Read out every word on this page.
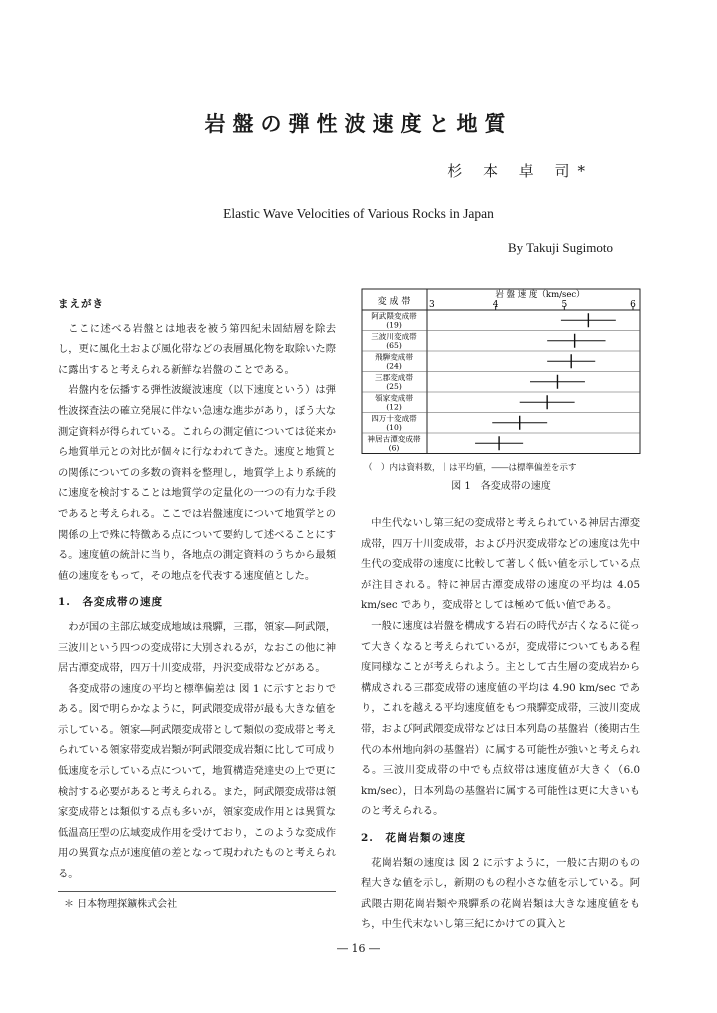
岩盤の弾性波速度と地質
杉 本 卓 司*
Elastic Wave Velocities of Various Rocks in Japan
By Takuji Sugimoto
まえがき

ここに述べる岩盤とは地表を被う第四紀未固結層を除去し，更に風化土および風化帯などの表層風化物を取除いた際に露出すると考えられる新鮮な岩盤のことである。

岩盤内を伝播する弾性波縦波速度（以下速度という）は弾性波探査法の確立発展に伴ない急速な進歩があり，ぼう大な測定資料が得られている。これらの測定値については従来から地質単元との対比が個々に行なわれてきた。速度と地質との関係についての多数の資料を整理し，地質学上より系統的に速度を検討することは地質学の定量化の一つの有力な手段であると考えられる。ここでは岩盤速度について地質学との関係の上で殊に特徴ある点について要約して述べることにする。速度値の統計に当り，各地点の測定資料のうちから最頻値の速度をもって，その地点を代表する速度値とした。

1.　各変成帯の速度

わが国の主部広域変成地域は飛驒，三郡，領家―阿武隈，三波川という四つの変成帯に大別されるが，なおこの他に神居古潭変成帯，四万十川変成帯，丹沢変成帯などがある。

各変成帯の速度の平均と標準偏差は 図 1 に示すとおりである。図で明らかなように，阿武隈変成帯が最も大きな値を示している。領家―阿武隈変成帯として類似の変成帯と考えられている領家帯変成岩類が阿武隈変成岩類に比して可成り低速度を示している点について，地質構造発達史の上で更に検討する必要があると考えられる。また，阿武隈変成帯は領家変成帯とは類似する点も多いが，領家変成作用とは異質な低温高圧型の広域変成作用を受けており，このような変成作用の異質な点が速度値の差となって現われたものと考えられる。

中生代ないし第三紀の変成帯と考えられている神居古潭変成帯，四万十川変成帯，および丹沢変成帯などの速度は先中生代の変成帯の速度に比較して著しく低い値を示している点が注目される。特に神居古潭変成帯の速度の平均は 4.05 km/sec であり，変成帯としては極めて低い値である。

一般に速度は岩盤を構成する岩石の時代が古くなるに従って大きくなると考えられているが，変成帯についてもある程度同様なことが考えられよう。主として古生層の変成岩から構成される三郡変成帯の速度値の平均は 4.90 km/sec であり，これを越える平均速度値をもつ飛驒変成帯，三波川変成帯，および阿武隈変成帯などは日本列島の基盤岩（後期古生代の本州地向斜の基盤岩）に属する可能性が強いと考えられる。三波川変成帯の中でも点紋帯は速度値が大きく（6.0 km/sec），日本列島の基盤岩に属する可能性は更に大きいものと考えられる。

2.　花崗岩類の速度

花崗岩類の速度は 図 2 に示すように，一般に古期のもの程大きな値を示し，新期のもの程小さな値を示している。阿武隈古期花崗岩類や飛驒系の花崗岩類は大きな速度値をもち，中生代末ないし第三紀にかけての貫入と

変 成 帯
岩 盤 速 度（km/sec）
3	4	5	6
阿武隈変成帯
(19)
三波川変成帯
(65)
飛騨変成帯
(24)
三郡変成帯
(25)
領家変成帯
(12)
四万十変成帯
(10)
神居古潭変成帯
(6)
（　）内は資料数，｜は平均値，――は標準偏差を示す
図 1　各変成帯の速度
＊ 日本物理探鑛株式会社
― 16 ―
